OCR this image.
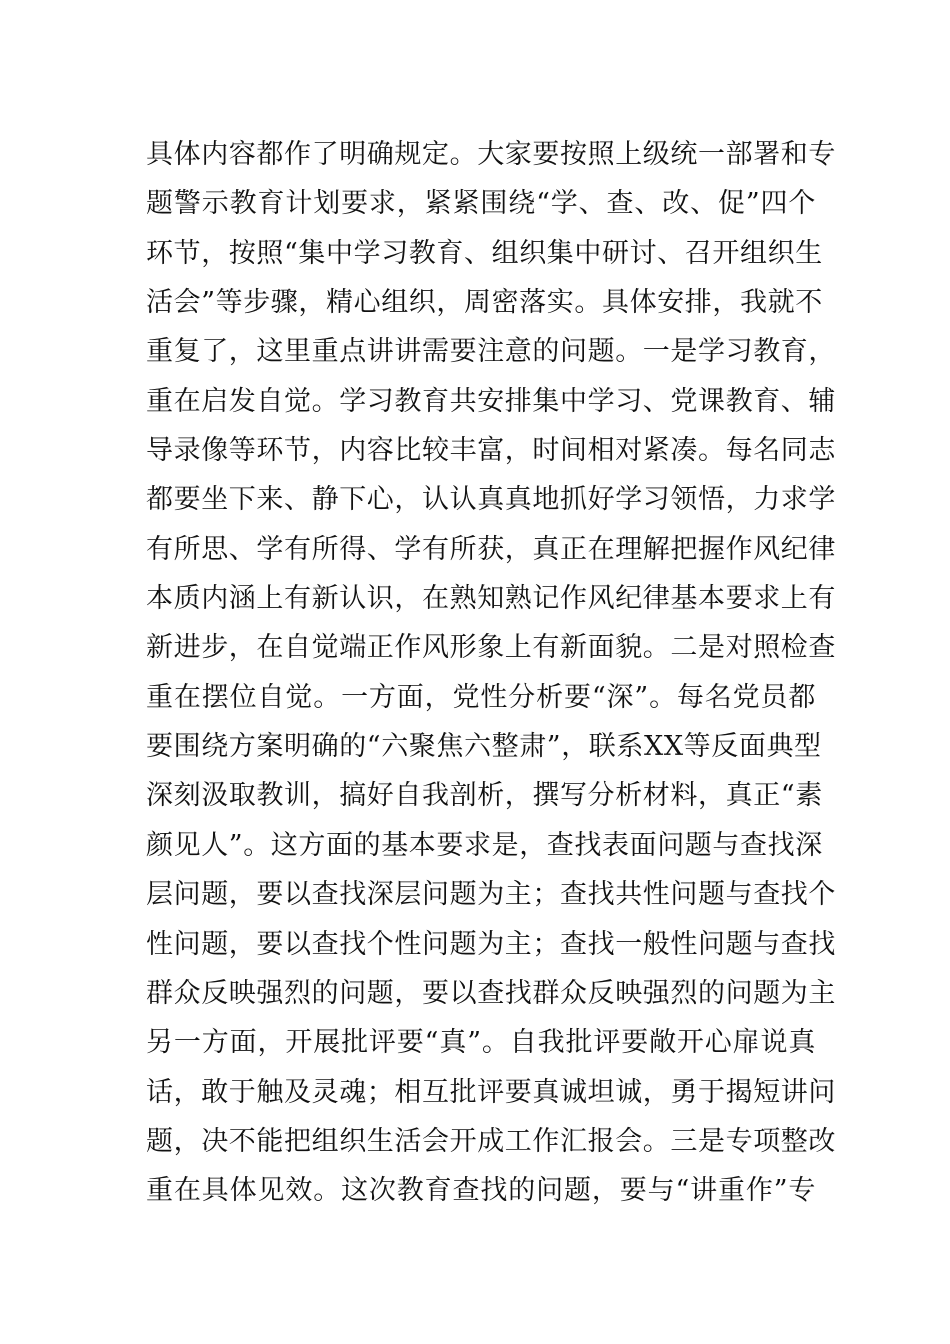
具体内容都作了明确规定。大家要按照上级统一部署和专
题警示教育计划要求，紧紧围绕“学、查、改、促”四个
环节，按照“集中学习教育、组织集中研讨、召开组织生
活会”等步骤，精心组织，周密落实。具体安排，我就不
重复了，这里重点讲讲需要注意的问题。一是学习教育，
重在启发自觉。学习教育共安排集中学习、党课教育、辅
导录像等环节，内容比较丰富，时间相对紧凑。每名同志
都要坐下来、静下心，认认真真地抓好学习领悟，力求学
有所思、学有所得、学有所获，真正在理解把握作风纪律
本质内涵上有新认识，在熟知熟记作风纪律基本要求上有
新进步，在自觉端正作风形象上有新面貌。二是对照检查
重在摆位自觉。一方面，党性分析要“深”。每名党员都
要围绕方案明确的“六聚焦六整肃”，联系XX等反面典型
深刻汲取教训，搞好自我剖析，撰写分析材料，真正“素
颜见人”。这方面的基本要求是，查找表面问题与查找深
层问题，要以查找深层问题为主；查找共性问题与查找个
性问题，要以查找个性问题为主；查找一般性问题与查找
群众反映强烈的问题，要以查找群众反映强烈的问题为主
另一方面，开展批评要“真”。自我批评要敞开心扉说真
话，敢于触及灵魂；相互批评要真诚坦诚，勇于揭短讲问
题，决不能把组织生活会开成工作汇报会。三是专项整改
重在具体见效。这次教育查找的问题，要与“讲重作”专
